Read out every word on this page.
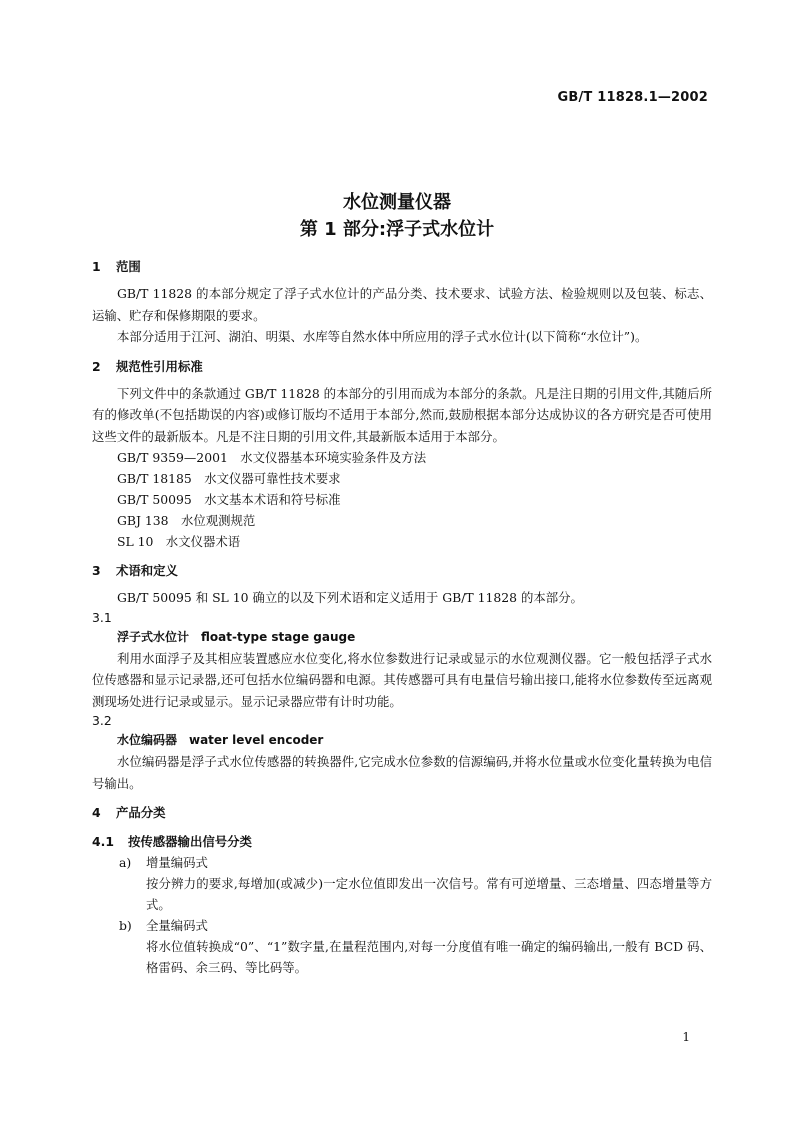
GB/T 11828.1—2002
水位测量仪器
第 1 部分:浮子式水位计
1 范围

GB/T 11828 的本部分规定了浮子式水位计的产品分类、技术要求、试验方法、检验规则以及包装、标志、运输、贮存和保修期限的要求。

本部分适用于江河、湖泊、明渠、水库等自然水体中所应用的浮子式水位计(以下简称“水位计”)。

2 规范性引用标准

下列文件中的条款通过 GB/T 11828 的本部分的引用而成为本部分的条款。凡是注日期的引用文件,其随后所有的修改单(不包括勘误的内容)或修订版均不适用于本部分,然而,鼓励根据本部分达成协议的各方研究是否可使用这些文件的最新版本。凡是不注日期的引用文件,其最新版本适用于本部分。

GB/T 9359—2001　水文仪器基本环境实验条件及方法

GB/T 18185　水文仪器可靠性技术要求

GB/T 50095　水文基本术语和符号标准

GBJ 138　水位观测规范

SL 10　水文仪器术语

3 术语和定义

GB/T 50095 和 SL 10 确立的以及下列术语和定义适用于 GB/T 11828 的本部分。

3.1

浮子式水位计　float-type stage gauge

利用水面浮子及其相应装置感应水位变化,将水位参数进行记录或显示的水位观测仪器。它一般包括浮子式水位传感器和显示记录器,还可包括水位编码器和电源。其传感器可具有电量信号输出接口,能将水位参数传至远离观测现场处进行记录或显示。显示记录器应带有计时功能。

3.2

水位编码器　water level encoder

水位编码器是浮子式水位传感器的转换器件,它完成水位参数的信源编码,并将水位量或水位变化量转换为电信号输出。

4 产品分类
4.1 按传感器输出信号分类

a) 增量编码式

按分辨力的要求,每增加(或减少)一定水位值即发出一次信号。常有可逆增量、三态增量、四态增量等方式。

b) 全量编码式

将水位值转换成“0”、“1”数字量,在量程范围内,对每一分度值有唯一确定的编码输出,一般有 BCD 码、格雷码、余三码、等比码等。

1
